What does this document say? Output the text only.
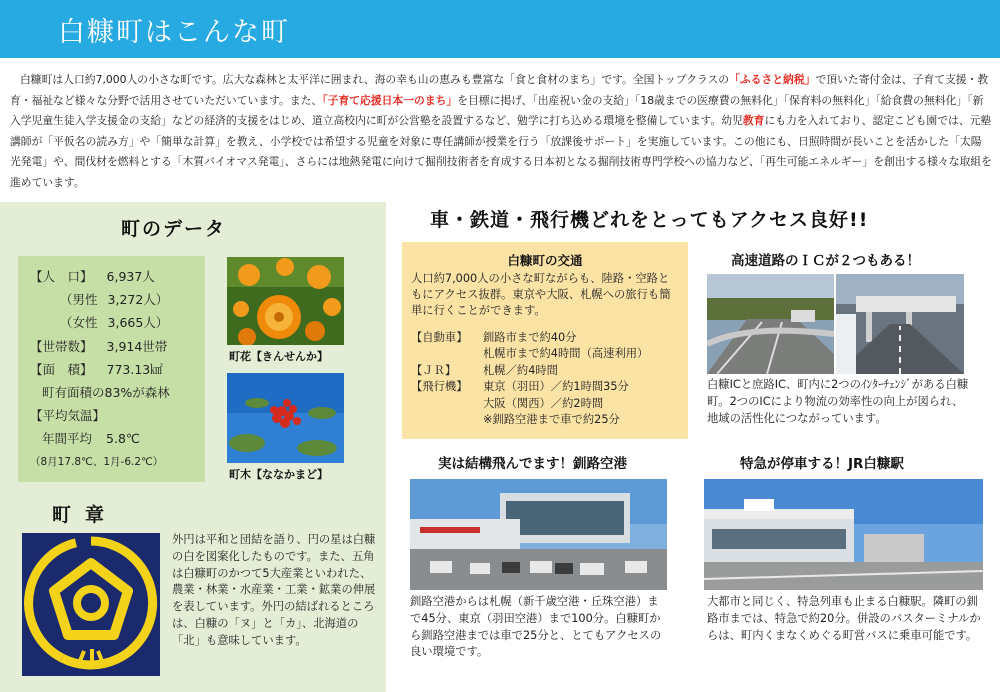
白糠町はこんな町

白糠町は人口約7,000人の小さな町です。広大な森林と太平洋に囲まれ、海の幸も山の恵みも豊富な「食と食材のまち」です。全国トップクラスの「ふるさと納税」で頂いた寄付金は、子育て支援・教育・福祉など様々な分野で活用させていただいています。また、「子育て応援日本一のまち」を目標に掲げ、「出産祝い金の支給」「18歳までの医療費の無料化」「保育料の無料化」「給食費の無料化」「新入学児童生徒入学支援金の支給」などの経済的支援をはじめ、道立高校内に町が公営塾を設置するなど、勉学に打ち込める環境を整備しています。幼児教育にも力を入れており、認定こども園では、元塾講師が「平仮名の読み方」や「簡単な計算」を教え、小学校では希望する児童を対象に専任講師が授業を行う「放課後サポート」を実施しています。この他にも、日照時間が長いことを活かした「太陽光発電」や、間伐材を燃料とする「木質バイオマス発電」、さらには地熱発電に向けて掘削技術者を育成する日本初となる掘削技術専門学校への協力など、「再生可能エネルギー」を創出する様々な取組を進めています。

町のデータ
【人　口】 6,937人
（男性 3,272人）
（女性 3,665人）
【世帯数】 3,914世帯
【面　積】 773.13㎢
町有面積の83%が森林
【平均気温】
年間平均 5.8℃
（8月17.8℃、1月-6.2℃）
町花【きんせんか】
町木【ななかまど】
町章
外円は平和と団結を語り、円の星は白糠の白を図案化したものです。また、五角は白糠町のかつて5大産業といわれた、農業・林業・水産業・工業・鉱業の伸展を表しています。外円の結ばれるところは、白糠の「ヌ」と「カ」、北海道の「北」も意味しています。
車・鉄道・飛行機どれをとってもアクセス良好!!
白糠町の交通
人口約7,000人の小さな町ながらも、陸路・空路ともにアクセス抜群。東京や大阪、札幌への旅行も簡単に行くことができます。
【自動車】 釧路市まで約40分
札幌市まで約4時間（高速利用）
【ＪＲ】 札幌／約4時間
【飛行機】 東京（羽田）／約1時間35分
大阪（関西）／約2時間
※釧路空港まで車で約25分
高速道路のＩＣが２つもある！
白糠ICと庶路IC、町内に2つのｲﾝﾀｰﾁｪﾝｼﾞがある白糠町。2つのICにより物流の効率性の向上が図られ、地域の活性化につながっています。
実は結構飛んでます！釧路空港
釧路空港からは札幌（新千歳空港・丘珠空港）まで45分、東京（羽田空港）まで100分。白糠町から釧路空港までは車で25分と、とてもアクセスの良い環境です。
特急が停車する！JR白糠駅
大都市と同じく、特急列車も止まる白糠駅。隣町の釧路市までは、特急で約20分。併設のバスターミナルからは、町内くまなくめぐる町営バスに乗車可能です。
